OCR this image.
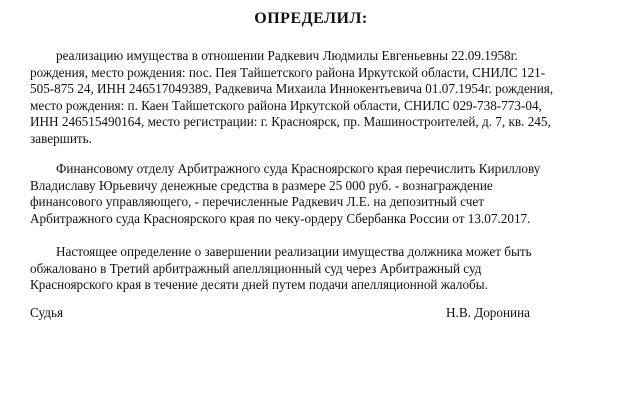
ОПРЕДЕЛИЛ:
реализацию имущества в отношении Радкевич Людмилы Евгеньевны 22.09.1958г.
рождения, место рождения: пос. Пея Тайшетского района Иркутской области, СНИЛС 121-
505-875 24, ИНН 246517049389, Радкевича Михаила Иннокентьевича 01.07.1954г. рождения,
место рождения: п. Каен Тайшетского района Иркутской области, СНИЛС 029-738-773-04,
ИНН 246515490164, место регистрации: г. Красноярск, пр. Машиностроителей, д. 7, кв. 245,
завершить.
Финансовому отделу Арбитражного суда Красноярского края перечислить Кириллову
Владиславу Юрьевичу денежные средства в размере 25 000 руб. - вознаграждение
финансового управляющего, - перечисленные Радкевич Л.Е. на депозитный счет
Арбитражного суда Красноярского края по чеку-ордеру Сбербанка России от 13.07.2017.
Настоящее определение о завершении реализации имущества должника может быть
обжаловано в Третий арбитражный апелляционный суд через Арбитражный суд
Красноярского края в течение десяти дней путем подачи апелляционной жалобы.
Судья	Н.В. Доронина
